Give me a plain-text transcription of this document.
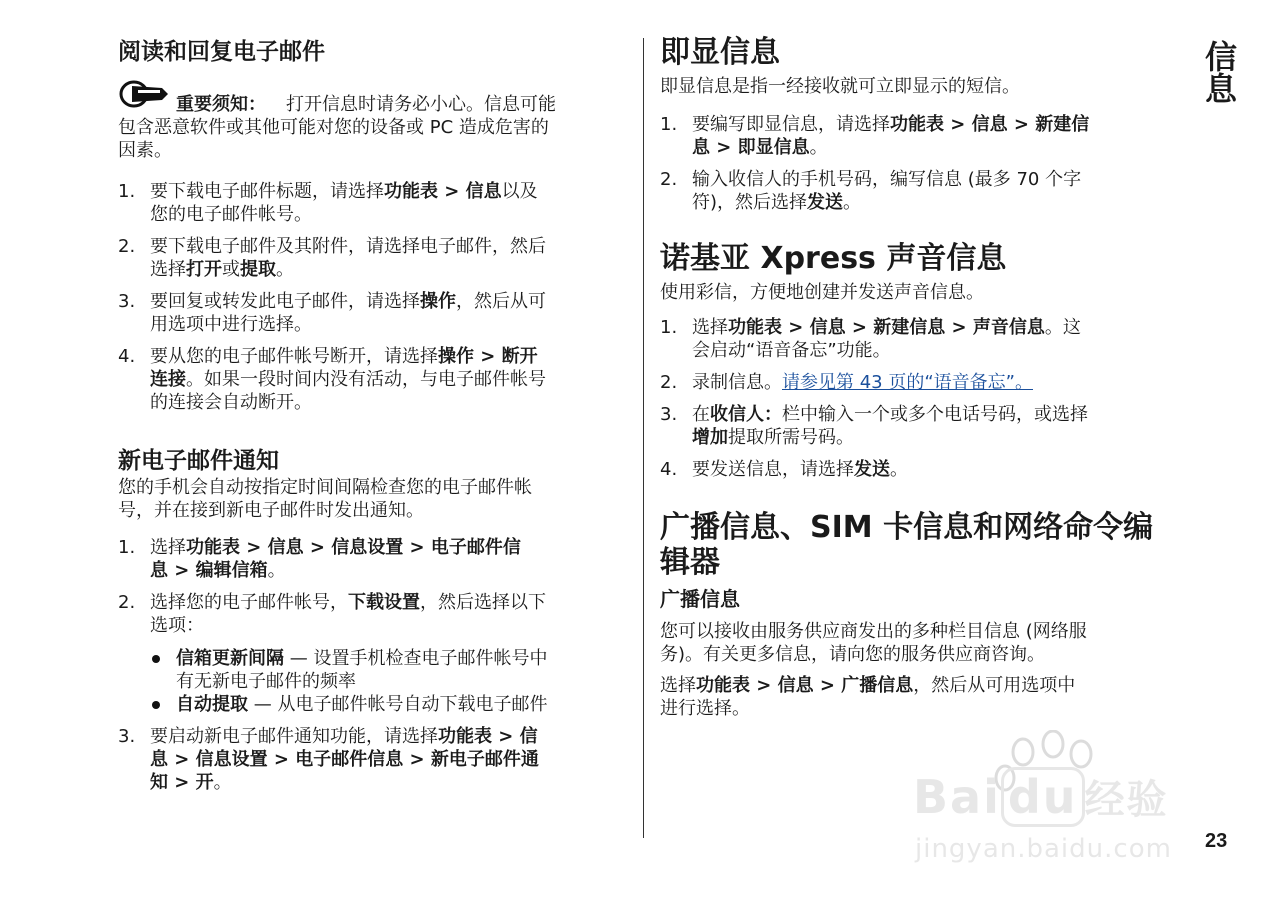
阅读和回复电子邮件

重要须知： 打开信息时请务必小心。信息可能

包含恶意软件或其他可能对您的设备或 PC 造成危害的

因素。

1. 要下载电子邮件标题，请选择功能表 > 信息以及
您的电子邮件帐号。
2. 要下载电子邮件及其附件，请选择电子邮件，然后
选择打开或提取。
3. 要回复或转发此电子邮件，请选择操作，然后从可
用选项中进行选择。
4. 要从您的电子邮件帐号断开，请选择操作 > 断开
连接。如果一段时间内没有活动，与电子邮件帐号
的连接会自动断开。
新电子邮件通知

您的手机会自动按指定时间间隔检查您的电子邮件帐

号，并在接到新电子邮件时发出通知。

1. 选择功能表 > 信息 > 信息设置 > 电子邮件信
息 > 编辑信箱。
2. 选择您的电子邮件帐号，下载设置，然后选择以下
选项：
信箱更新间隔 — 设置手机检查电子邮件帐号中
有无新电子邮件的频率
自动提取 — 从电子邮件帐号自动下载电子邮件
3. 要启动新电子邮件通知功能，请选择功能表 > 信
息 > 信息设置 > 电子邮件信息 > 新电子邮件通
知 > 开。
即显信息

即显信息是指一经接收就可立即显示的短信。

1. 要编写即显信息，请选择功能表 > 信息 > 新建信
息 > 即显信息。
2. 输入收信人的手机号码，编写信息 (最多 70 个字
符)，然后选择发送。
诺基亚 Xpress 声音信息

使用彩信，方便地创建并发送声音信息。

1. 选择功能表 > 信息 > 新建信息 > 声音信息。这
会启动“语音备忘”功能。
2. 录制信息。请参见第 43 页的“语音备忘”。
3. 在收信人：栏中输入一个或多个电话号码，或选择
增加提取所需号码。
4. 要发送信息，请选择发送。
广播信息、SIM 卡信息和网络命令编
辑器
广播信息

您可以接收由服务供应商发出的多种栏目信息 (网络服

务)。有关更多信息，请向您的服务供应商咨询。

选择功能表 > 信息 > 广播信息，然后从可用选项中
进行选择。

信息
23
Bai du 经验
jingyan.baidu.com
